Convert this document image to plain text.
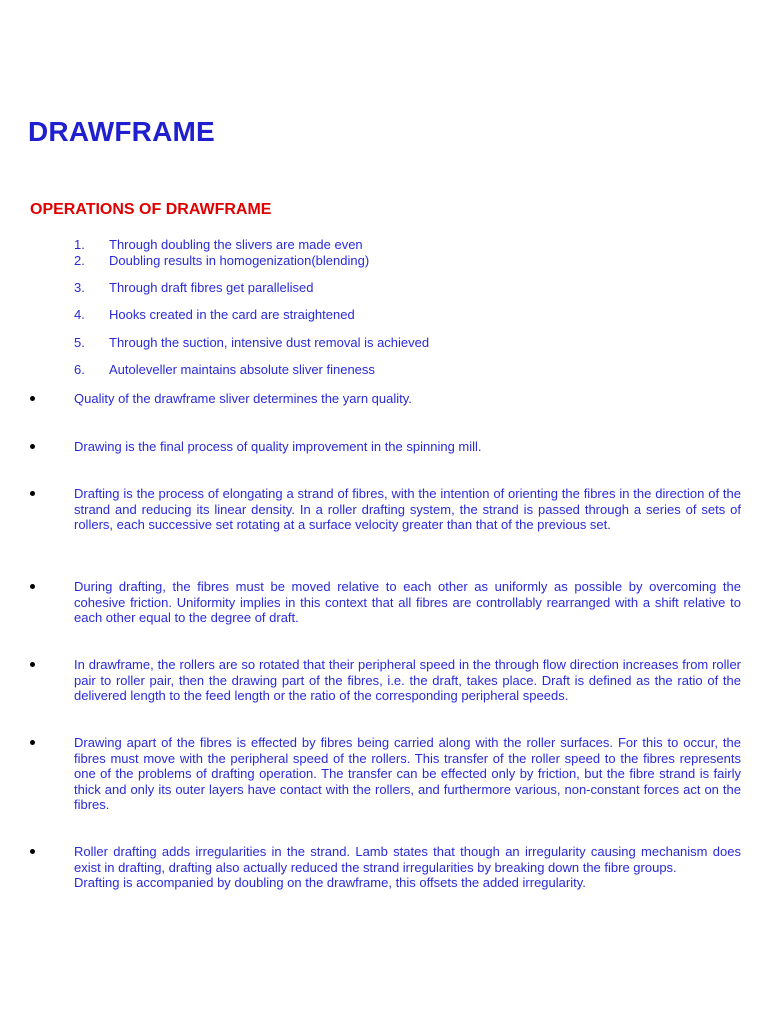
DRAWFRAME
OPERATIONS OF DRAWFRAME
1. Through doubling the slivers are made even
2. Doubling results in homogenization(blending)
3. Through draft fibres get parallelised
4. Hooks created in the card are straightened
5. Through the suction, intensive dust removal is achieved
6. Autoleveller maintains absolute sliver fineness
Quality of the drawframe sliver determines the yarn quality.
Drawing is the final process of quality improvement in the spinning mill.
Drafting is the process of elongating a strand of fibres, with the intention of orienting the fibres in the direction of the strand and reducing its linear density. In a roller drafting system, the strand is passed through a series of sets of rollers, each successive set rotating at a surface velocity greater than that of the previous set.
During drafting, the fibres must be moved relative to each other as uniformly as possible by overcoming the cohesive friction. Uniformity implies in this context that all fibres are controllably rearranged with a shift relative to each other equal to the degree of draft.
In drawframe, the rollers are so rotated that their peripheral speed in the through flow direction increases from roller pair to roller pair, then the drawing part of the fibres, i.e. the draft, takes place. Draft is defined as the ratio of the delivered length to the feed length or the ratio of the corresponding peripheral speeds.
Drawing apart of the fibres is effected by fibres being carried along with the roller surfaces. For this to occur, the fibres must move with the peripheral speed of the rollers. This transfer of the roller speed to the fibres represents one of the problems of drafting operation. The transfer can be effected only by friction, but the fibre strand is fairly thick and only its outer layers have contact with the rollers, and furthermore various, non-constant forces act on the fibres.
Roller drafting adds irregularities in the strand. Lamb states that though an irregularity causing mechanism does exist in drafting, drafting also actually reduced the strand irregularities by breaking down the fibre groups.
Drafting is accompanied by doubling on the drawframe, this offsets the added irregularity.
